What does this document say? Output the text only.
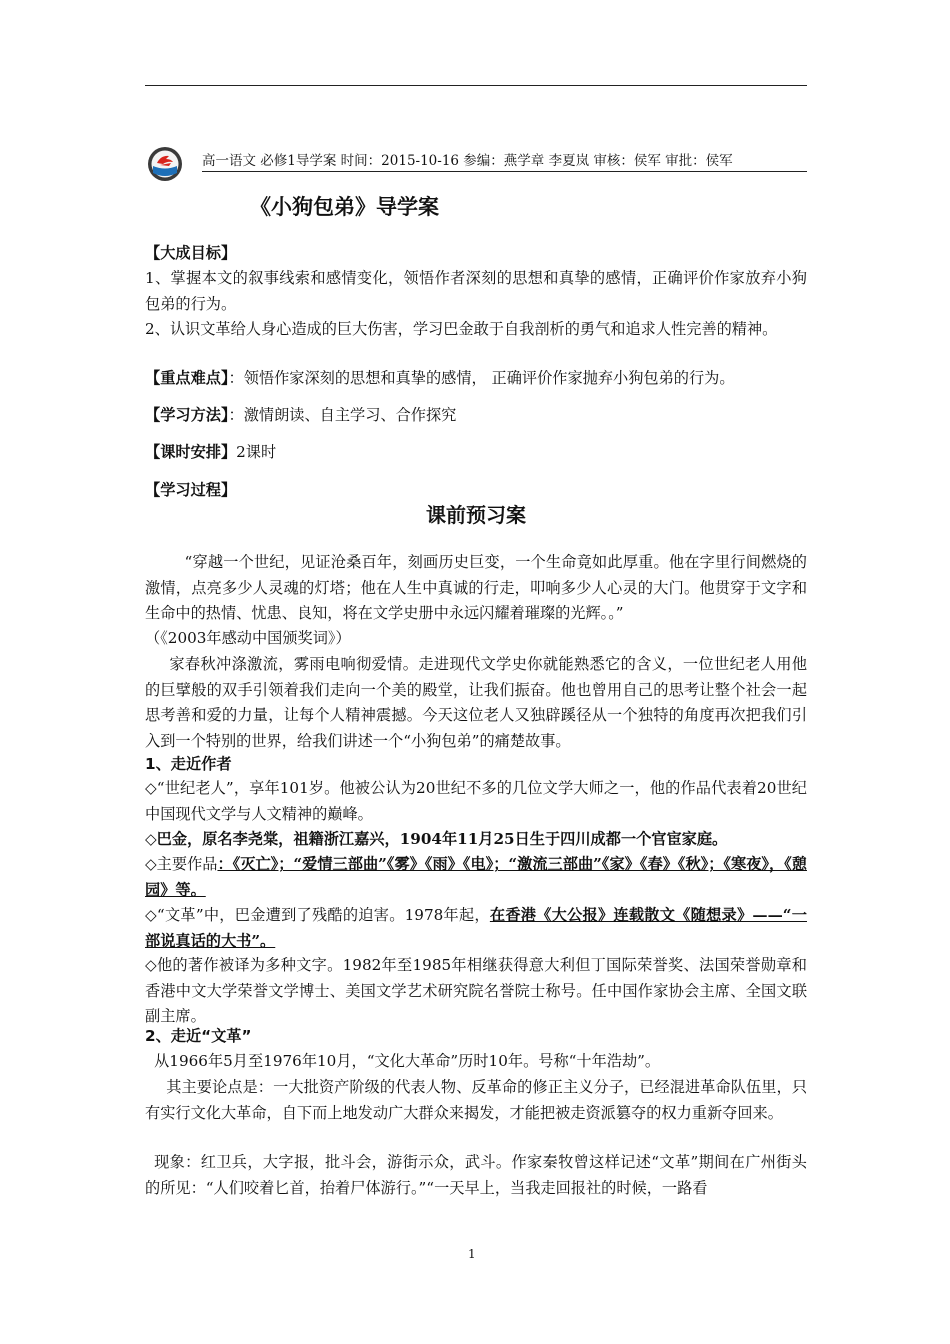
高一语文 必修1导学案 时间：2015-10-16 参编：燕学章 李夏岚 审核：侯军 审批：侯军
《小狗包弟》导学案

【大成目标】

1、掌握本文的叙事线索和感情变化，领悟作者深刻的思想和真挚的感情，正确评价作家放弃小狗包弟的行为。

2、认识文革给人身心造成的巨大伤害，学习巴金敢于自我剖析的勇气和追求人性完善的精神。

【重点难点】：领悟作家深刻的思想和真挚的感情， 正确评价作家抛弃小狗包弟的行为。

【学习方法】：激情朗读、自主学习、合作探究

【课时安排】2课时

【学习过程】

课前预习案

“穿越一个世纪，见证沧桑百年，刻画历史巨变，一个生命竟如此厚重。他在字里行间燃烧的激情，点亮多少人灵魂的灯塔；他在人生中真诚的行走，叩响多少人心灵的大门。他贯穿于文字和生命中的热情、忧患、良知，将在文学史册中永远闪耀着璀璨的光辉。。”

（《2003年感动中国颁奖词》）

家春秋冲涤激流，雾雨电响彻爱情。走进现代文学史你就能熟悉它的含义，一位世纪老人用他的巨擘般的双手引领着我们走向一个美的殿堂，让我们振奋。他也曾用自己的思考让整个社会一起思考善和爱的力量，让每个人精神震撼。今天这位老人又独辟蹊径从一个独特的角度再次把我们引入到一个特别的世界，给我们讲述一个“小狗包弟”的痛楚故事。

1、走近作者

◇“世纪老人”，享年101岁。他被公认为20世纪不多的几位文学大师之一，他的作品代表着20世纪中国现代文学与人文精神的巅峰。

◇巴金，原名李尧棠，祖籍浙江嘉兴，1904年11月25日生于四川成都一个官宦家庭。

◇主要作品：《灭亡》；“爱情三部曲”《雾》《雨》《电》；“激流三部曲”《家》《春》《秋》；《寒夜》，《憩园》等。

◇“文革”中，巴金遭到了残酷的迫害。1978年起，在香港《大公报》连载散文《随想录》——“一部说真话的大书”。

◇他的著作被译为多种文字。1982年至1985年相继获得意大利但丁国际荣誉奖、法国荣誉勋章和香港中文大学荣誉文学博士、美国文学艺术研究院名誉院士称号。任中国作家协会主席、全国文联副主席。

2、走近“文革”

从1966年5月至1976年10月，“文化大革命”历时10年。号称“十年浩劫”。

其主要论点是：一大批资产阶级的代表人物、反革命的修正主义分子，已经混进革命队伍里，只有实行文化大革命，自下而上地发动广大群众来揭发，才能把被走资派篡夺的权力重新夺回来。

现象：红卫兵，大字报，批斗会，游街示众，武斗。作家秦牧曾这样记述“文革”期间在广州街头的所见：“人们咬着匕首，抬着尸体游行。”“一天早上，当我走回报社的时候，一路看

1
